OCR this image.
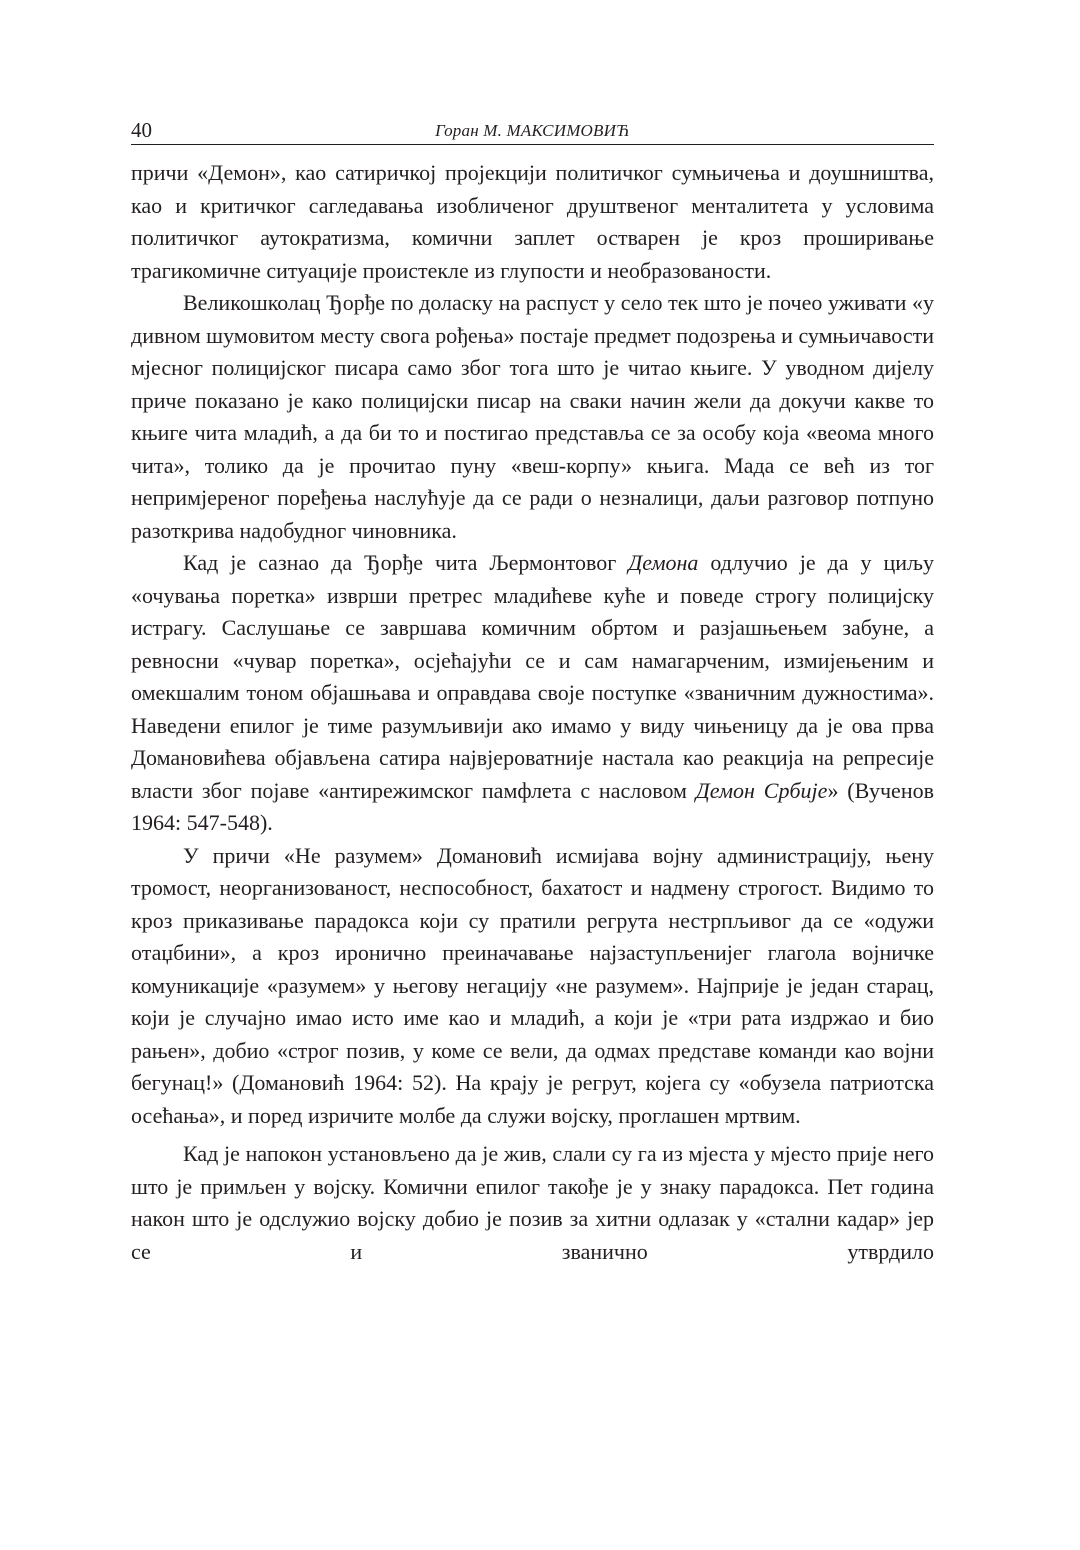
40	Горан М. МАКСИМОВИЋ

причи «Демон», као сатиричкој пројекцији политичког сумњичења и доушништва, као и критичког сагледавања изобличеног друштвеног менталитета у условима политичког аутократизма, комични заплет остварен је кроз проширивање трагикомичне ситуације проистекле из глупости и необразованости.

Великошколац Ђорђе по доласку на распуст у село тек што је почео уживати «у дивном шумовитом месту свога рођења» постаје предмет подозрења и сумњичавости мјесног полицијског писара само због тога што је читао књиге. У уводном дијелу приче показано је како полицијски писар на сваки начин жели да докучи какве то књиге чита младић, а да би то и постигао представља се за особу која «веома много чита», толико да је прочитао пуну «веш-корпу» књига. Мада се већ из тог непримјереног поређења наслућује да се ради о незналици, даљи разговор потпуно разоткрива надобудног чиновника.

Кад је сазнао да Ђорђе чита Љермонтовог Демона одлучио је да у циљу «очувања поретка» изврши претрес младићеве куће и поведе строгу полицијску истрагу. Саслушање се завршава комичним обртом и разјашњењем забуне, а ревносни «чувар поретка», осјећајући се и сам намагарченим, измијењеним и омекшалим тоном објашњава и оправдава своје поступке «званичним дужностима». Наведени епилог је тиме разумљивији ако имамо у виду чињеницу да је ова прва Домановићева објављена сатира највјероватније настала као реакција на репресије власти због појаве «антирежимског памфлета с насловом Демон Србије» (Вученов 1964: 547-548).

У причи «Не разумем» Домановић исмијава војну администрацију, њену тромост, неорганизованост, неспособност, бахатост и надмену строгост. Видимо то кроз приказивање парадокса који су пратили регрута нестрпљивог да се «одужи отаџбини», а кроз иронично преиначавање најзаступљенијег глагола војничке комуникације «разумем» у његову негацију «не разумем». Најприје је један старац, који је случајно имао исто име као и младић, а који је «три рата издржао и био рањен», добио «строг позив, у коме се вели, да одмах представе команди као војни бегунац!» (Домановић 1964: 52). На крају је регрут, којега су «обузела патриотска осећања», и поред изричите молбе да служи војску, проглашен мртвим.

Кад је напокон установљено да је жив, слали су га из мјеста у мјесто прије него што је примљен у војску. Комични епилог такође је у знаку парадокса. Пет година након што је одслужио војску добио је позив за хитни одлазак у «стални кадар» јер се и званично утврдило
